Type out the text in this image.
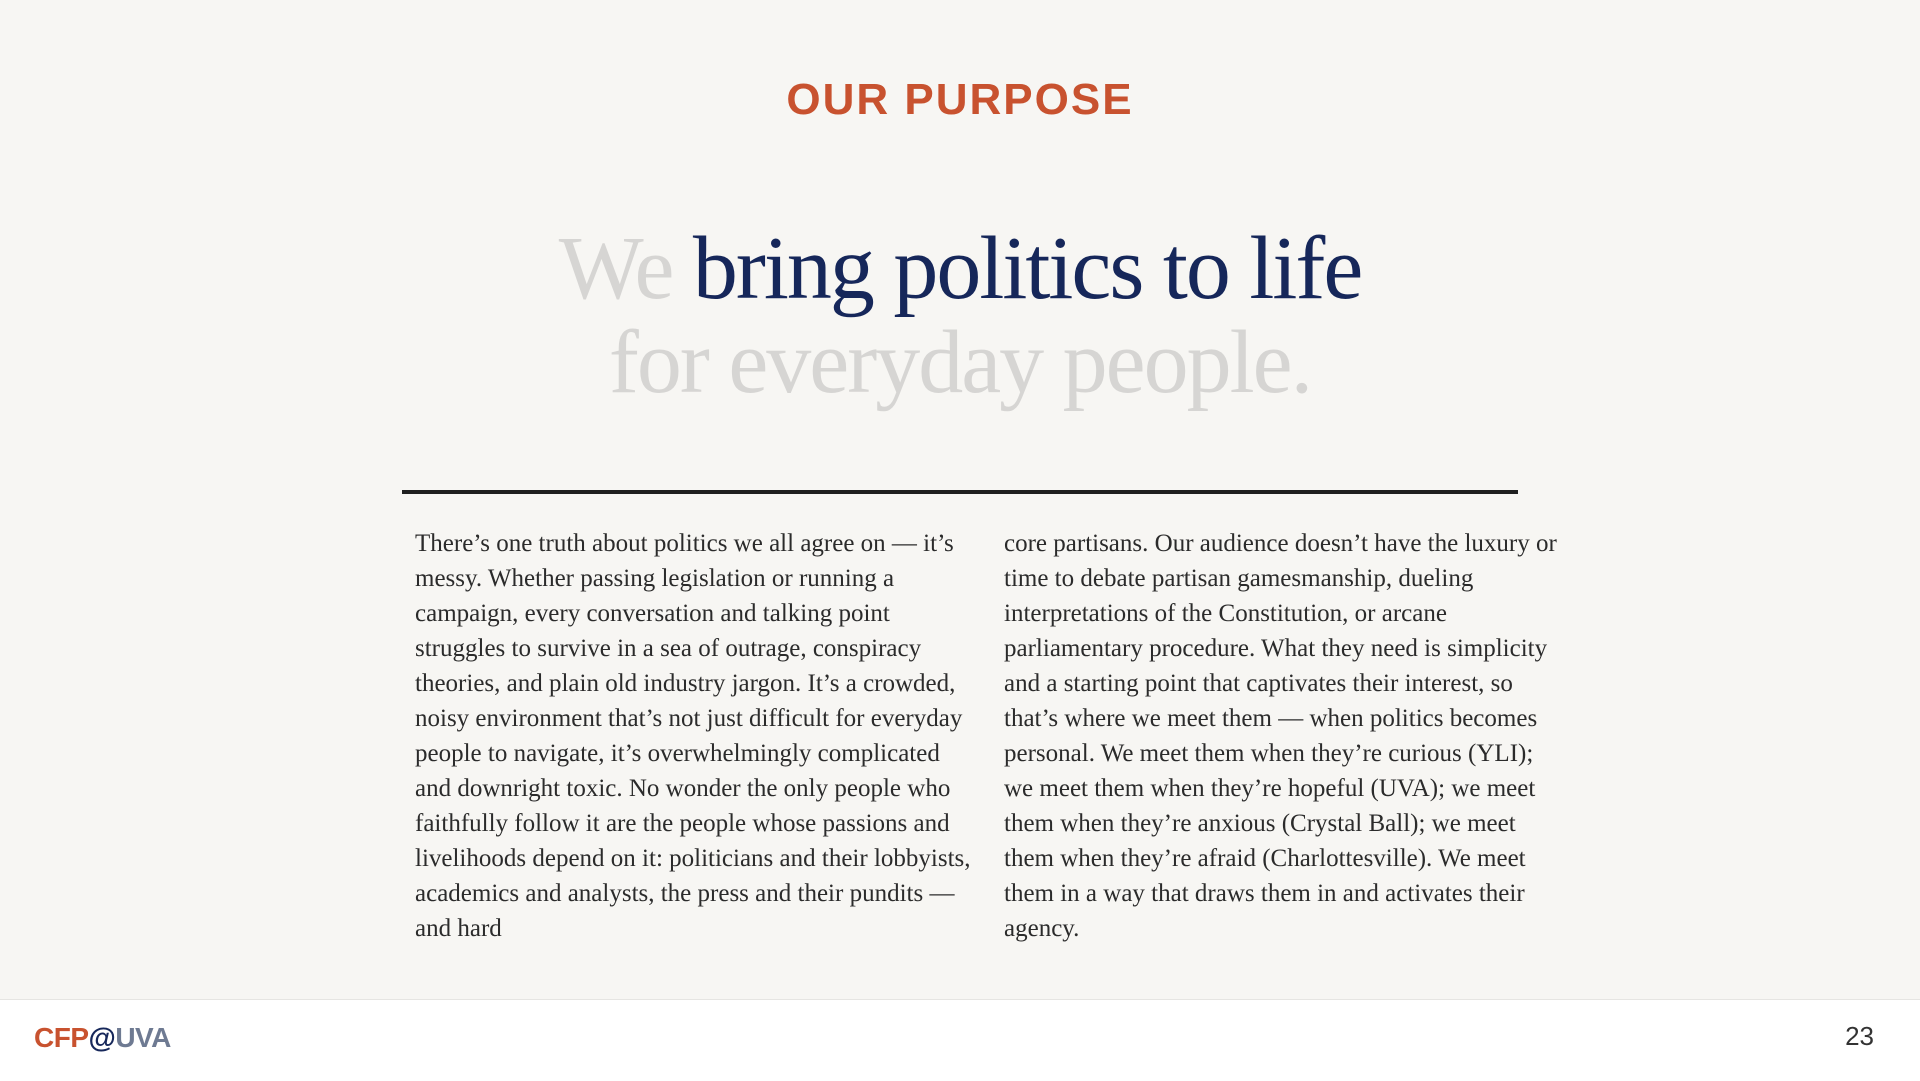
OUR PURPOSE
We bring politics to life
for everyday people.

There’s one truth about politics we all agree on — it’s messy. Whether passing legislation or running a campaign, every conversation and talking point struggles to survive in a sea of outrage, conspiracy theories, and plain old industry jargon. It’s a crowded, noisy environment that’s not just difficult for everyday people to navigate, it’s overwhelmingly complicated and downright toxic. No wonder the only people who faithfully follow it are the people whose passions and livelihoods depend on it: politicians and their lobbyists, academics and analysts, the press and their pundits — and hard

core partisans. Our audience doesn’t have the luxury or time to debate partisan gamesmanship, dueling interpretations of the Constitution, or arcane parliamentary procedure. What they need is simplicity and a starting point that captivates their interest, so that’s where we meet them — when politics becomes personal. We meet them when they’re curious (YLI); we meet them when they’re hopeful (UVA); we meet them when they’re anxious (Crystal Ball); we meet them when they’re afraid (Charlottesville). We meet them in a way that draws them in and activates their agency.

CFP@UVA	23
